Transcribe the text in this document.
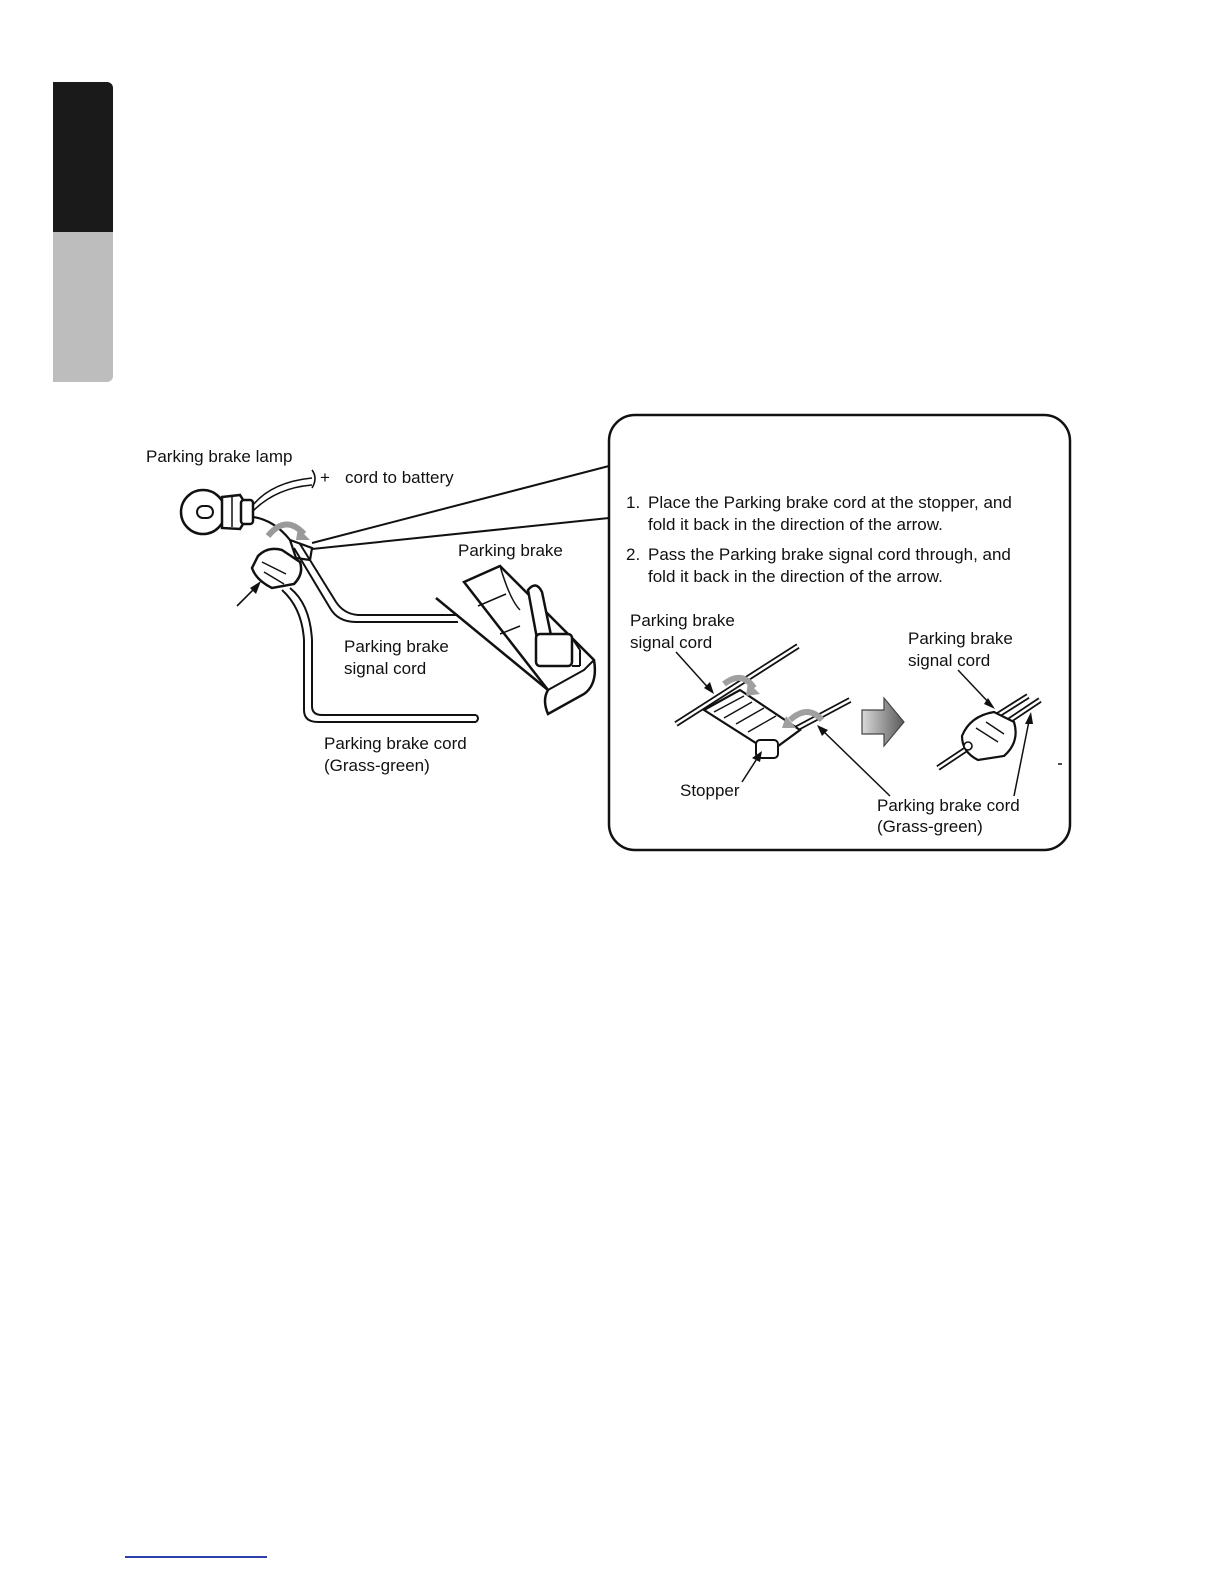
Parking brake lamp
+ cord to battery
Parking brake
Parking brake
signal cord
Parking brake cord
(Grass-green)
1. Place the Parking brake cord at the stopper, and
fold it back in the direction of the arrow.
2. Pass the Parking brake signal cord through, and
fold it back in the direction of the arrow.
Parking brake
signal cord	Parking brake
signal cord
Stopper
Parking brake cord
(Grass-green)
